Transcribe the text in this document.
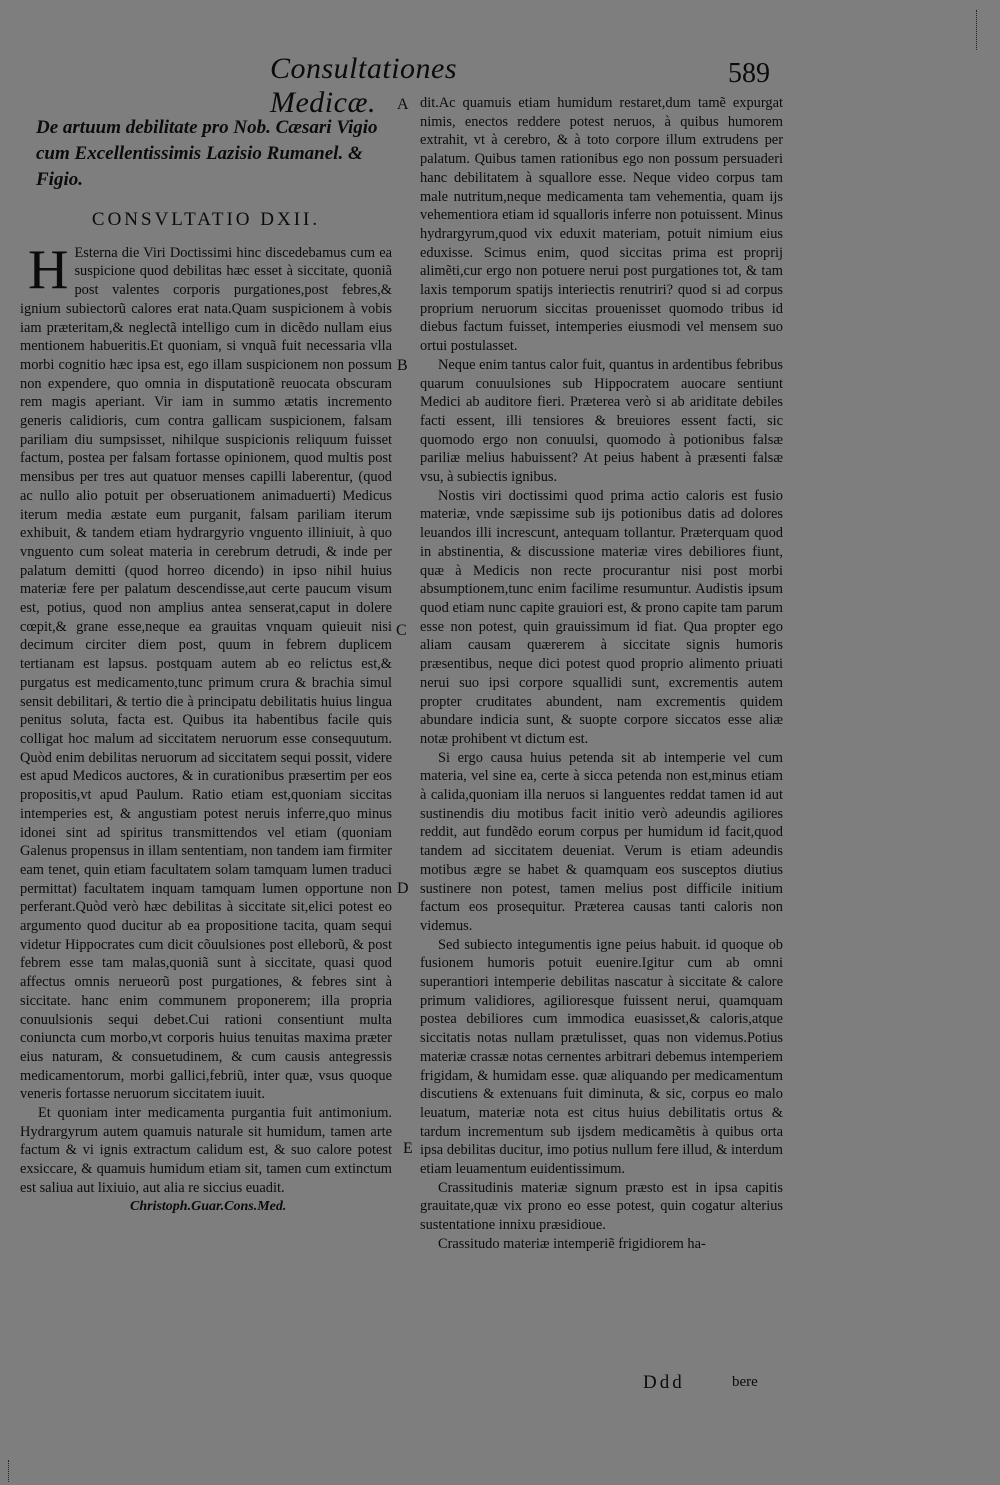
Consultationes Medicæ.
589
A
B
C
D
E
De artuum debilitate pro Nob. Cæsari Vigio cum Excellentissimis Lazisio Rumanel. & Figio.
CONSVLTATIO DXII.

H Esterna die Viri Doctissimi hinc discedebamus cum ea suspicione quod debilitas hæc esset à siccitate, quoniã post valentes corporis purgationes,post febres,& ignium subiectorũ calores erat nata.Quam suspicionem à vobis iam præteritam,& neglectã intelligo cum in dicẽdo nullam eius mentionem habueritis.Et quoniam, si vnquã fuit necessaria vlla morbi cognitio hæc ipsa est, ego illam suspicionem non possum non expendere, quo omnia in disputationẽ reuocata obscuram rem magis aperiant. Vir iam in summo ætatis incremento generis calidioris, cum contra gallicam suspicionem, falsam pariliam diu sumpsisset, nihilque suspicionis reliquum fuisset factum, postea per falsam fortasse opinionem, quod multis post mensibus per tres aut quatuor menses capilli laberentur, (quod ac nullo alio potuit per obseruationem animaduerti) Medicus iterum media æstate eum purganit, falsam pariliam iterum exhibuit, & tandem etiam hydrargyrio vnguento illiniuit, à quo vnguento cum soleat materia in cerebrum detrudi, & inde per palatum demitti (quod horreo dicendo) in ipso nihil huius materiæ fere per palatum descendisse,aut certe paucum visum est, potius, quod non amplius antea senserat,caput in dolere cœpit,& grane esse,neque ea grauitas vnquam quieuit nisi decimum circiter diem post, quum in febrem duplicem tertianam est lapsus. postquam autem ab eo relictus est,& purgatus est medicamento,tunc primum crura & brachia simul sensit debilitari, & tertio die à principatu debilitatis huius lingua penitus soluta, facta est. Quibus ita habentibus facile quis colligat hoc malum ad siccitatem neruorum esse consequutum. Quòd enim debilitas neruorum ad siccitatem sequi possit, videre est apud Medicos auctores, & in curationibus præsertim per eos propositis,vt apud Paulum. Ratio etiam est,quoniam siccitas intemperies est, & angustiam potest neruis inferre,quo minus idonei sint ad spiritus transmittendos vel etiam (quoniam Galenus propensus in illam sententiam, non tandem iam firmiter eam tenet, quin etiam facultatem solam tamquam lumen traduci permittat) facultatem inquam tamquam lumen opportune non perferant.Quòd verò hæc debilitas à siccitate sit,elici potest eo argumento quod ducitur ab ea propositione tacita, quam sequi videtur Hippocrates cum dicit cõuulsiones post elleborũ, & post febrem esse tam malas,quoniã sunt à siccitate, quasi quod affectus omnis nerueorũ post purgationes, & febres sint à siccitate. hanc enim communem proponerem; illa propria conuulsionis sequi debet.Cui rationi consentiunt multa coniuncta cum morbo,vt corporis huius tenuitas maxima præter eius naturam, & consuetudinem, & cum causis antegressis medicamentorum, morbi gallici,febriũ, inter quæ, vsus quoque veneris fortasse neruorum siccitatem iuuit.

Et quoniam inter medicamenta purgantia fuit antimonium. Hydrargyrum autem quamuis naturale sit humidum, tamen arte factum & vi ignis extractum calidum est, & suo calore potest exsiccare, & quamuis humidum etiam sit, tamen cum extinctum est saliua aut lixiuio, aut alia re siccius euadit.

Christoph.Guar.Cons.Med.

dit.Ac quamuis etiam humidum restaret,dum tamẽ expurgat nimis, enectos reddere potest neruos, à quibus humorem extrahit, vt à cerebro, & à toto corpore illum extrudens per palatum. Quibus tamen rationibus ego non possum persuaderi hanc debilitatem à squallore esse. Neque video corpus tam male nutritum,neque medicamenta tam vehementia, quam ijs vehementiora etiam id squalloris inferre non potuissent. Minus hydrargyrum,quod vix eduxit materiam, potuit nimium eius eduxisse. Scimus enim, quod siccitas prima est proprij alimẽti,cur ergo non potuere nerui post purgationes tot, & tam laxis temporum spatijs interiectis renutriri? quod si ad corpus proprium neruorum siccitas prouenisset quomodo tribus id diebus factum fuisset, intemperies eiusmodi vel mensem suo ortui postulasset.

Neque enim tantus calor fuit, quantus in ardentibus febribus quarum conuulsiones sub Hippocratem auocare sentiunt Medici ab auditore fieri. Præterea verò si ab ariditate debiles facti essent, illi tensiores & breuiores essent facti, sic quomodo ergo non conuulsi, quomodo à potionibus falsæ pariliæ melius habuissent? At peius habent à præsenti falsæ vsu, à subiectis ignibus.

Nostis viri doctissimi quod prima actio caloris est fusio materiæ, vnde sæpissime sub ijs potionibus datis ad dolores leuandos illi increscunt, antequam tollantur. Præterquam quod in abstinentia, & discussione materiæ vires debiliores fiunt, quæ à Medicis non recte procurantur nisi post morbi absumptionem,tunc enim facilime resumuntur. Audistis ipsum quod etiam nunc capite grauiori est, & prono capite tam parum esse non potest, quin grauissimum id fiat. Qua propter ego aliam causam quærerem à siccitate signis humoris præsentibus, neque dici potest quod proprio alimento priuati nerui suo ipsi corpore squallidi sunt, excrementis autem propter cruditates abundent, nam excrementis quidem abundare indicia sunt, & suopte corpore siccatos esse aliæ notæ prohibent vt dictum est.

Si ergo causa huius petenda sit ab intemperie vel cum materia, vel sine ea, certe à sicca petenda non est,minus etiam à calida,quoniam illa neruos si languentes reddat tamen id aut sustinendis diu motibus facit initio verò adeundis agiliores reddit, aut fundẽdo eorum corpus per humidum id facit,quod tandem ad siccitatem deueniat. Verum is etiam adeundis motibus ægre se habet & quamquam eos susceptos diutius sustinere non potest, tamen melius post difficile initium factum eos prosequitur. Præterea causas tanti caloris non videmus.

Sed subiecto integumentis igne peius habuit. id quoque ob fusionem humoris potuit euenire.Igitur cum ab omni superantiori intemperie debilitas nascatur à siccitate & calore primum validiores, agilioresque fuissent nerui, quamquam postea debiliores cum immodica euasisset,& caloris,atque siccitatis notas nullam prætulisset, quas non videmus.Potius materiæ crassæ notas cernentes arbitrari debemus intemperiem frigidam, & humidam esse. quæ aliquando per medicamentum discutiens & extenuans fuit diminuta, & sic, corpus eo malo leuatum, materiæ nota est citus huius debilitatis ortus & tardum incrementum sub ijsdem medicamẽtis à quibus orta ipsa debilitas ducitur, imo potius nullum fere illud, & interdum etiam leuamentum euidentissimum.

Crassitudinis materiæ signum præsto est in ipsa capitis grauitate,quæ vix prono eo esse potest, quin cogatur alterius sustentatione innixu præsidioue.

Crassitudo materiæ intemperiẽ frigidiorem ha-

Ddd	bere
